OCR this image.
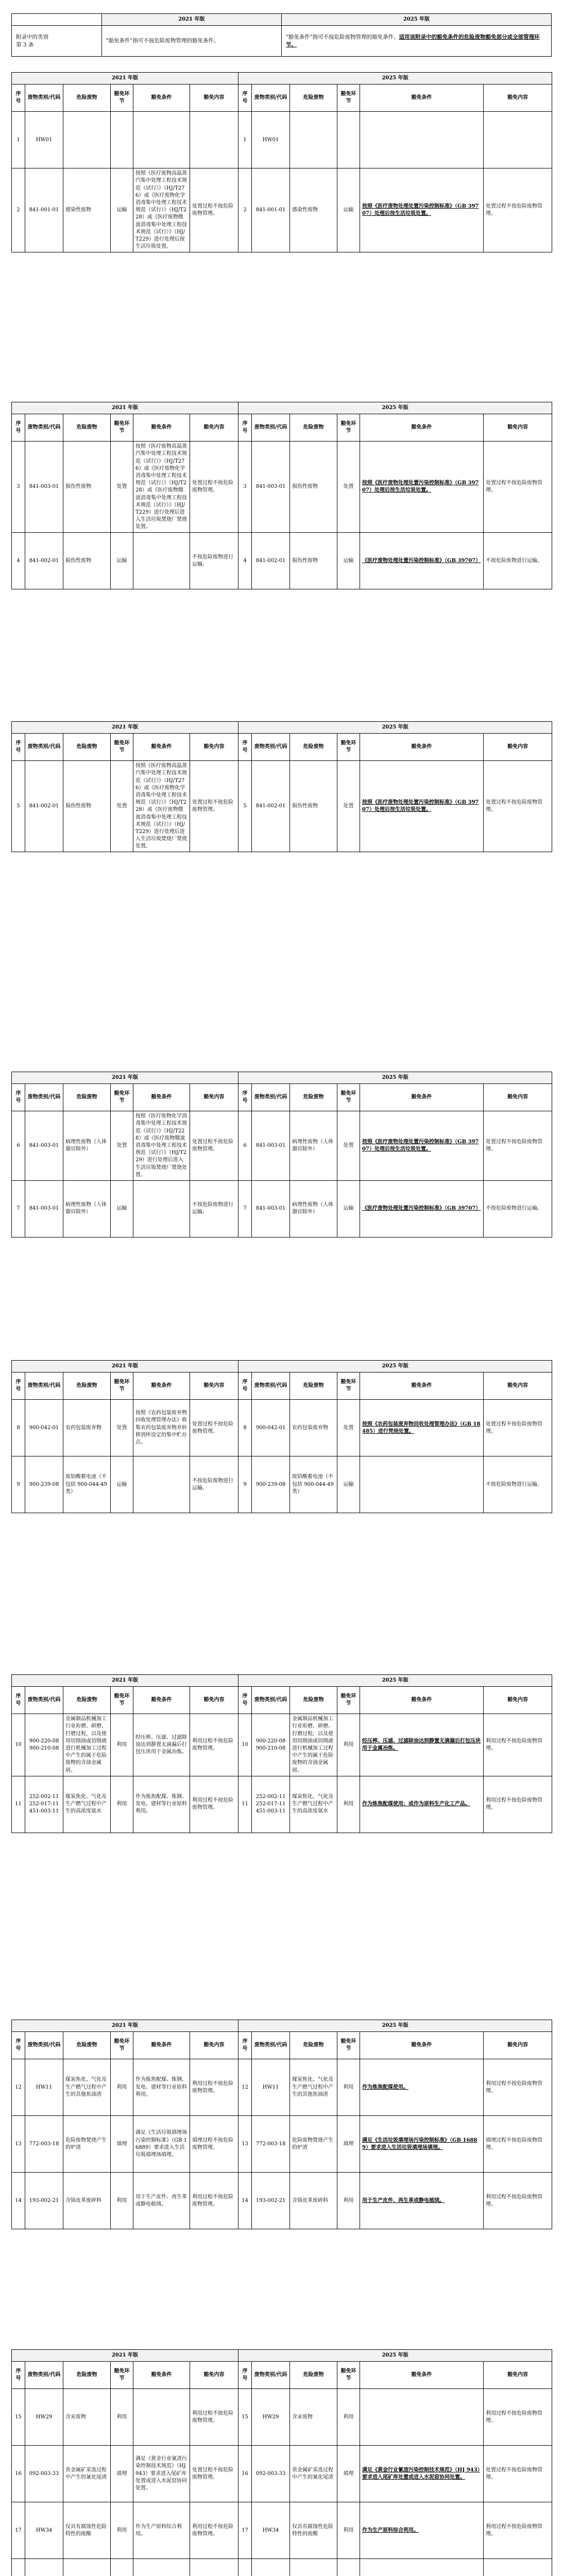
	2021 年版	2025 年版
附录中的类别
第 3 条	"豁免条件"指可不按危险废物管理的豁免条件。	"豁免条件"指可不按危险废物管理的豁免条件。适用该附录中的豁免条件的危险废物豁免部分或全部管理环节。
2021 年版						2025 年版					
序号	废物类别/代码	危险废物	豁免环节	豁免条件	豁免内容	序号	废物类别/代码	危险废物	豁免环节	豁免条件	豁免内容
1	HW01					1	HW01				
2	841-001-01	感染性废物	运输	按照《医疗废物高温蒸汽集中处理工程技术规范（试行）》（HJ/T276）或《医疗废物化学消毒集中处理工程技术规范（试行）》（HJ/T228）或《医疗废物微波消毒集中处理工程技术规范（试行）》（HJ/T229）进行处理后按生活垃圾处置。	处置过程不按危险废物管理。	2	841-001-01	感染性废物	运输	按照《医疗废物处理处置污染控制标准》（GB 39707）处理后按生活垃圾处置。	处置过程不按危险废物管理。
2021 年版						2025 年版					
序号	废物类别/代码	危险废物	豁免环节	豁免条件	豁免内容	序号	废物类别/代码	危险废物	豁免环节	豁免条件	豁免内容
3	841-003-01	损伤性废物	处置	按照《医疗废物高温蒸汽集中处理工程技术规范（试行）》（HJ/T276）或《医疗废物化学消毒集中处理工程技术规范（试行）》（HJ/T228）或《医疗废物微波消毒集中处理工程技术规范（试行）》（HJ/T229）进行处理后进入生活垃圾焚烧厂焚烧处置。	处置过程不按危险废物管理。	3	841-003-01	损伤性废物	处置	按照《医疗废物处理处置污染控制标准》（GB 39707）处理后按生活垃圾处置。	处置过程不按危险废物管理。
4	841-002-01	损伤性废物	运输		不按危险废物进行运输。	4	841-002-01	损伤性废物	运输	《医疗废物处理处置污染控制标准》（GB 39707）	不按危险废物进行运输。
2021 年版						2025 年版					
序号	废物类别/代码	危险废物	豁免环节	豁免条件	豁免内容	序号	废物类别/代码	危险废物	豁免环节	豁免条件	豁免内容
5	841-002-01	损伤性废物	处置	按照《医疗废物高温蒸汽集中处理工程技术规范（试行）》（HJ/T276）或《医疗废物化学消毒集中处理工程技术规范（试行）》（HJ/T228）或《医疗废物微波消毒集中处理工程技术规范（试行）》（HJ/T229）进行处理后进入生活垃圾焚烧厂焚烧处置。	处置过程不按危险废物管理。	5	841-002-01	损伤性废物	处置	按照《医疗废物处理处置污染控制标准》（GB 39707）处理后按生活垃圾处置。	处置过程不按危险废物管理。
2021 年版						2025 年版					
序号	废物类别/代码	危险废物	豁免环节	豁免条件	豁免内容	序号	废物类别/代码	危险废物	豁免环节	豁免条件	豁免内容
6	841-003-01	病理性废物（人体器官除外）	处置	按照《医疗废物化学消毒集中处理工程技术规范（试行）》（HJ/T228）或《医疗废物微波消毒集中处理工程技术规范（试行）》（HJ/T229）进行处理后进入生活垃圾焚烧厂焚烧处置。	处置过程不按危险废物管理。	6	841-003-01	病理性废物（人体器官除外）	处置	按照《医疗废物处理处置污染控制标准》（GB 39707）处理后按生活垃圾处置。	处置过程不按危险废物管理。
7	841-003-01	病理性废物（人体器官除外）	运输		不按危险废物进行运输。	7	841-003-01	病理性废物（人体器官除外）	运输	《医疗废物处理处置污染控制标准》（GB 39707）	不按危险废物进行运输。
2021 年版						2025 年版					
序号	废物类别/代码	危险废物	豁免环节	豁免条件	豁免内容	序号	废物类别/代码	危险废物	豁免环节	豁免条件	豁免内容
8	900-042-01	农药包装废弃物	处置	按照《农药包装废弃物回收处理管理办法》收集农药包装废弃物并转移到所设定的集中贮存点。	处置过程不按危险废物管理。	8	900-042-01	农药包装废弃物	处置	按照《农药包装废弃物回收处理管理办法》（GB 18485）进行焚烧处置。	处置过程不按危险废物管理。
9	900-239-08	废铅酸蓄电池（不包括 900-044-49 类）	运输		不按危险废物进行运输。	9	900-239-08	废铅酸蓄电池（不包括 900-044-49 类）	运输		不按危险废物进行运输。
2021 年版						2025 年版					
序号	废物类别/代码	危险废物	豁免环节	豁免条件	豁免内容	序号	废物类别/代码	危险废物	豁免环节	豁免条件	豁免内容
10	900-220-08 900-210-08	金属制品机械加工行业珩磨、研磨、打磨过程，以及使用切削油或切削液进行机械加工过程中产生的属于危险废物的含油金属屑。	利用	经压榨、压滤、过滤除油达到静置无滴漏后打包压块用于金属冶炼。	利用过程不按危险废物管理。	10	900-220-08 900-210-08	金属制品机械加工行业珩磨、研磨、打磨过程，以及使用切削油或切削液进行机械加工过程中产生的属于危险废物的含油金属屑。	利用	经压榨、压滤、过滤除油达到静置无滴漏后打包压块用于金属冶炼。	利用过程不按危险废物管理。
11	252-002-11 252-017-11 451-003-11	煤炭焦化、气化及生产燃气过程中产生的高浓度氨水	利用	作为炼焦配煤、炼钢、发电、建材等行业原料利用。	利用过程不按危险废物管理。	11	252-002-11 252-017-11 451-003-11	煤炭焦化、气化及生产燃气过程中产生的高浓度氨水	利用	作为炼焦配煤使用；或作为原料生产化工产品。	利用过程不按危险废物管理。
2021 年版						2025 年版					
序号	废物类别/代码	危险废物	豁免环节	豁免条件	豁免内容	序号	废物类别/代码	危险废物	豁免环节	豁免条件	豁免内容
12	HW11	煤炭焦化、气化及生产燃气过程中产生的其他焦油渣	利用	作为炼焦配煤、炼钢、发电、建材等行业原料利用。	利用过程不按危险废物管理。	12	HW11	煤炭焦化、气化及生产燃气过程中产生的其他焦油渣	利用	作为炼焦配煤使用。	利用过程不按危险废物管理。
13	772-003-18	危险废物焚烧产生的炉渣	填埋	满足《生活垃圾填埋场污染控制标准》（GB 16889）要求进入生活垃圾填埋场填埋。	填埋过程不按危险废物管理。	13	772-003-18	危险废物焚烧产生的炉渣	填埋	满足《生活垃圾填埋场污染控制标准》（GB 16889）要求进入生活垃圾填埋场填埋。	填埋过程不按危险废物管理。
14	193-002-21	含铬皮革废碎料	利用	用于生产皮件、再生革或静电植绒。	利用过程不按危险废物管理。	14	193-002-21	含铬皮革废碎料	利用	用于生产皮件、再生革或静电植绒。	利用过程不按危险废物管理。
2021 年版						2025 年版					
序号	废物类别/代码	危险废物	豁免环节	豁免条件	豁免内容	序号	废物类别/代码	危险废物	豁免环节	豁免条件	豁免内容
15	HW29	含汞废物	利用		利用过程不按危险废物管理。	15	HW29	含汞废物	利用		利用过程不按危险废物管理。
16	092-003-33	贵金属矿采选过程中产生的氰化尾渣	填埋	满足《黄金行业氰渣污染控制技术规范》（HJ 943）要求进入尾矿库处置或进入水泥窑协同处置。	处置过程不按危险废物管理。	16	092-003-33	贵金属矿采选过程中产生的氰化尾渣	填埋	满足《黄金行业氰渣污染控制技术规范》（HJ 943）要求进入尾矿库处置或进入水泥窑协同处置。	处置过程不按危险废物管理。
17	HW34	仅具有腐蚀性危险特性的废酸	利用	作为生产原料综合利用。	利用过程不按危险废物管理。	17	HW34	仅具有腐蚀性危险特性的废酸	利用	作为生产原料综合利用。	利用过程不按危险废物管理。
